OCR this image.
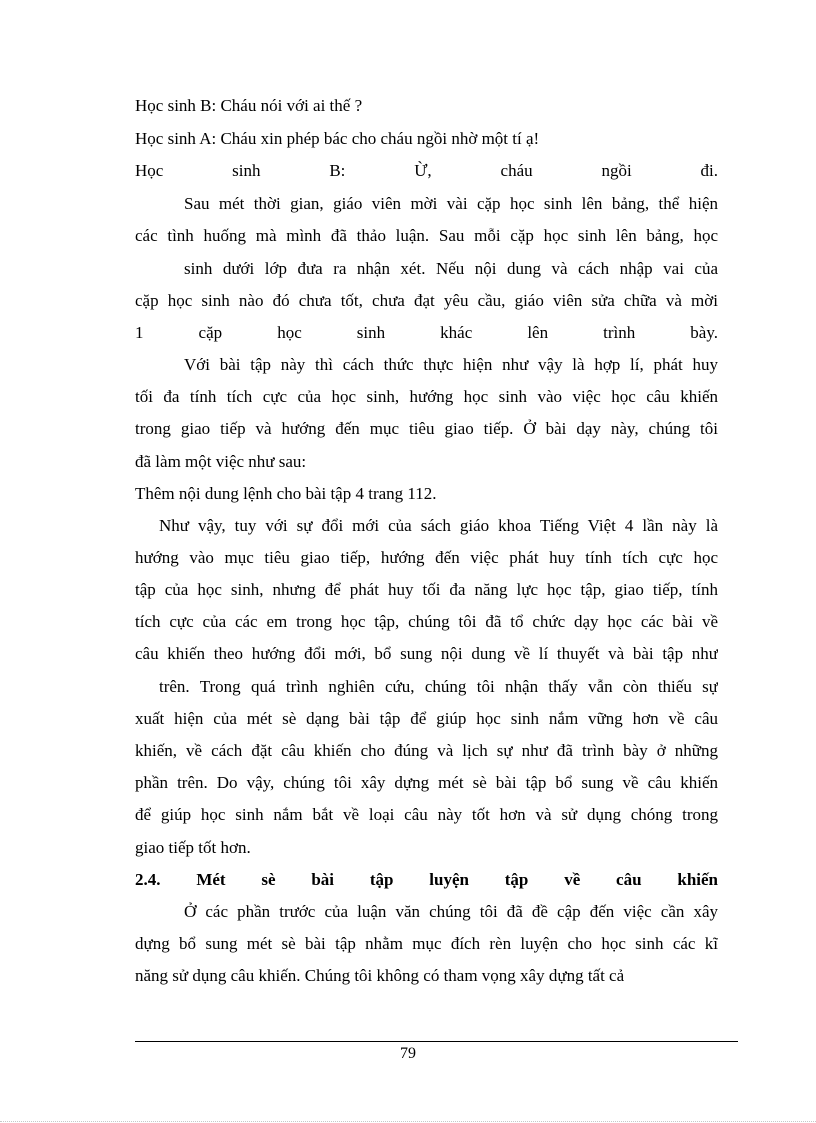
Học sinh B: Cháu nói với ai thế ?
Học sinh A: Cháu xin phép bác cho cháu ngồi nhờ một tí ạ!
Học sinh B: Ừ, cháu ngồi đi.
Sau mét thời gian, giáo viên mời vài cặp học sinh lên bảng, thể hiện
các tình huống mà mình đã thảo luận. Sau mỗi cặp học sinh lên bảng, học
sinh dưới lớp đưa ra nhận xét. Nếu nội dung và cách nhập vai của
cặp học sinh nào đó chưa tốt, chưa đạt yêu cầu, giáo viên sửa chữa và mời
1 cặp học sinh khác lên trình bày.
Với bài tập này thì cách thức thực hiện như vậy là hợp lí, phát huy
tối đa tính tích cực của học sinh, hướng học sinh vào việc học câu khiến
trong giao tiếp và hướng đến mục tiêu giao tiếp. Ở bài dạy này, chúng tôi
đã làm một việc như sau:
Thêm nội dung lệnh cho bài tập 4 trang 112.
Như vậy, tuy với sự đổi mới của sách giáo khoa Tiếng Việt 4 lần này là
hướng vào mục tiêu giao tiếp, hướng đến việc phát huy tính tích cực học
tập của học sinh, nhưng để phát huy tối đa năng lực học tập, giao tiếp, tính
tích cực của các em trong học tập, chúng tôi đã tổ chức dạy học các bài về
câu khiến theo hướng đổi mới, bổ sung nội dung về lí thuyết và bài tập như
trên. Trong quá trình nghiên cứu, chúng tôi nhận thấy vẫn còn thiếu sự
xuất hiện của mét sè dạng bài tập để giúp học sinh nắm vững hơn về câu
khiến, về cách đặt câu khiến cho đúng và lịch sự như đã trình bày ở những
phần trên. Do vậy, chúng tôi xây dựng mét sè bài tập bổ sung về câu khiến
để giúp học sinh nắm bắt về loại câu này tốt hơn và sử dụng chóng trong
giao tiếp tốt hơn.
2.4. Mét sè bài tập luyện tập về câu khiến
Ở các phần trước của luận văn chúng tôi đã đề cập đến việc cần xây
dựng bổ sung mét sè bài tập nhằm mục đích rèn luyện cho học sinh các kĩ
năng sử dụng câu khiến. Chúng tôi không có tham vọng xây dựng tất cả
79
